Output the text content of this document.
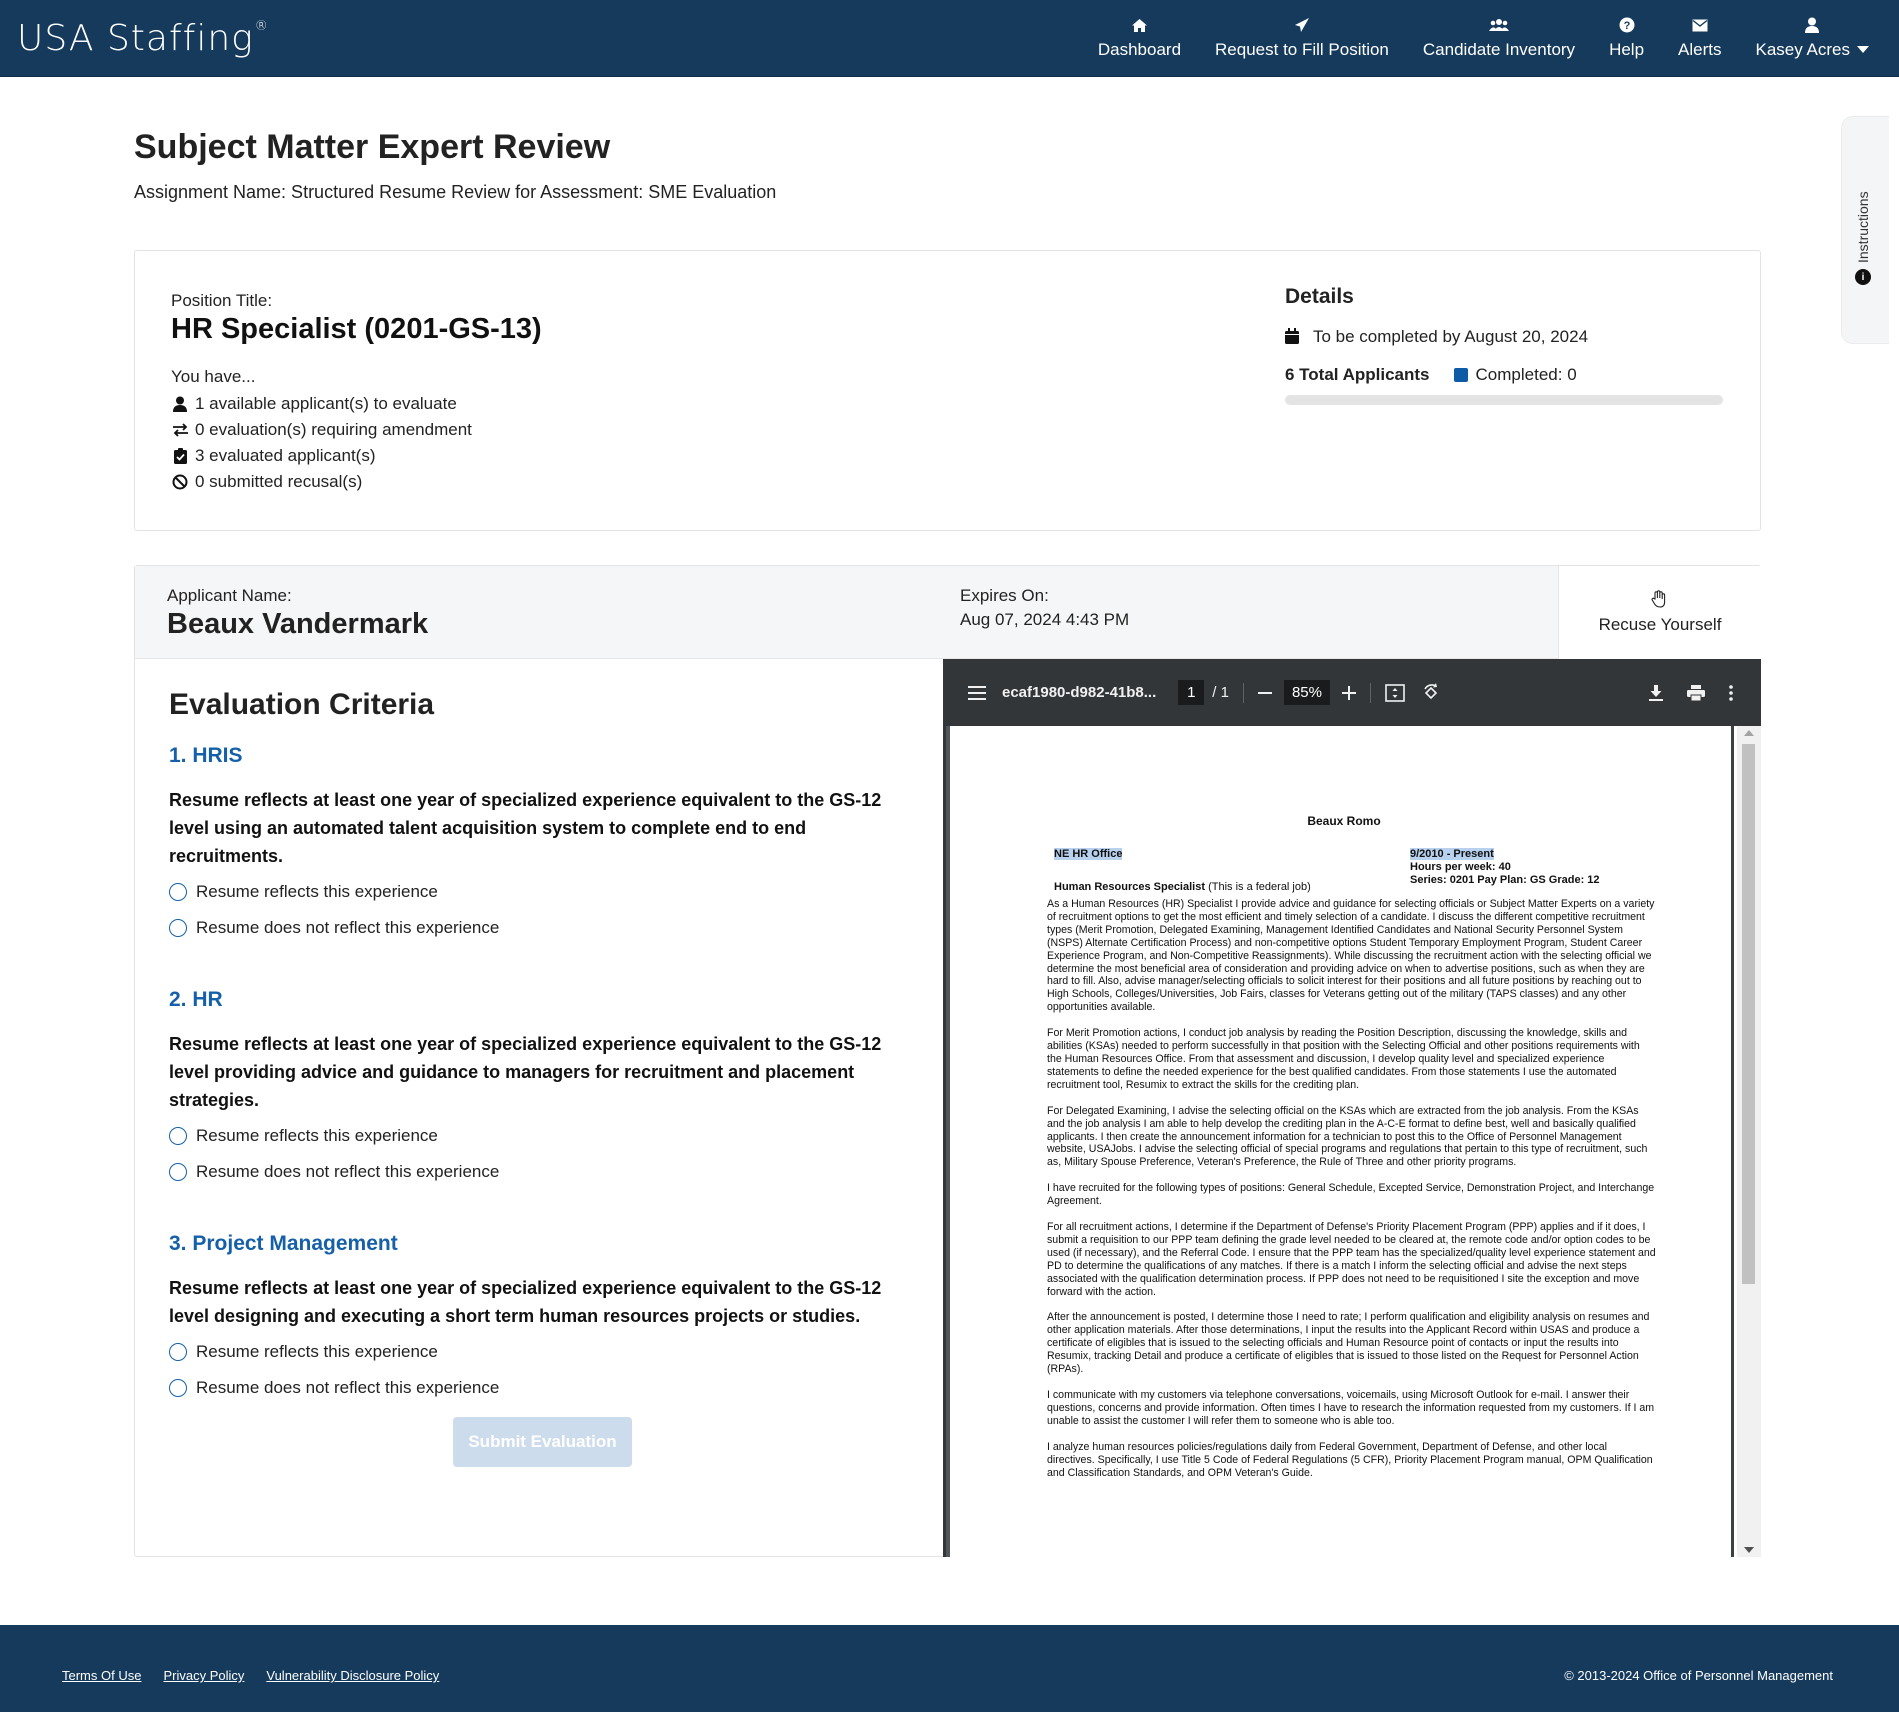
USA Staffing®
Dashboard Request to Fill Position Candidate Inventory
?
Help Alerts Kasey Acres
Subject Matter Expert Review
Assignment Name: Structured Resume Review for Assessment: SME Evaluation
Position Title:
HR Specialist (0201-GS-13)
You have...
1 available applicant(s) to evaluate
0 evaluation(s) requiring amendment
3 evaluated applicant(s)
0 submitted recusal(s)
Details
To be completed by August 20, 2024
6 Total Applicants	Completed: 0
i
Instructions
Applicant Name:
Beaux Vandermark
Expires On:
Aug 07, 2024 4:43 PM	Recuse Yourself
Evaluation Criteria
1. HRIS
Resume reflects at least one year of specialized experience equivalent to the GS-12 level using an automated talent acquisition system to complete end to end recruitments.
Resume reflects this experience
Resume does not reflect this experience
2. HR
Resume reflects at least one year of specialized experience equivalent to the GS-12 level providing advice and guidance to managers for recruitment and placement strategies.
Resume reflects this experience
Resume does not reflect this experience
3. Project Management
Resume reflects at least one year of specialized experience equivalent to the GS-12 level designing and executing a short term human resources projects or studies.
Resume reflects this experience
Resume does not reflect this experience
Submit Evaluation
ecaf1980-d982-41b8...	1	/ 1	85%
Beaux Romo
NE HR Office	9/2010 - Present
Hours per week: 40
Series: 0201 Pay Plan: GS Grade: 12
Human Resources Specialist (This is a federal job)

As a Human Resources (HR) Specialist I provide advice and guidance for selecting officials or Subject Matter Experts on a variety of recruitment options to get the most efficient and timely selection of a candidate. I discuss the different competitive recruitment types (Merit Promotion, Delegated Examining, Management Identified Candidates and National Security Personnel System (NSPS) Alternate Certification Process) and non-competitive options Student Temporary Employment Program, Student Career Experience Program, and Non-Competitive Reassignments). While discussing the recruitment action with the selecting official we determine the most beneficial area of consideration and providing advice on when to advertise positions, such as when they are hard to fill. Also, advise manager/selecting officials to solicit interest for their positions and all future positions by reaching out to High Schools, Colleges/Universities, Job Fairs, classes for Veterans getting out of the military (TAPS classes) and any other opportunities available.

For Merit Promotion actions, I conduct job analysis by reading the Position Description, discussing the knowledge, skills and abilities (KSAs) needed to perform successfully in that position with the Selecting Official and other positions requirements with the Human Resources Office. From that assessment and discussion, I develop quality level and specialized experience statements to define the needed experience for the best qualified candidates. From those statements I use the automated recruitment tool, Resumix to extract the skills for the crediting plan.

For Delegated Examining, I advise the selecting official on the KSAs which are extracted from the job analysis. From the KSAs and the job analysis I am able to help develop the crediting plan in the A-C-E format to define best, well and basically qualified applicants. I then create the announcement information for a technician to post this to the Office of Personnel Management website, USAJobs. I advise the selecting official of special programs and regulations that pertain to this type of recruitment, such as, Military Spouse Preference, Veteran's Preference, the Rule of Three and other priority programs.

I have recruited for the following types of positions: General Schedule, Excepted Service, Demonstration Project, and Interchange Agreement.

For all recruitment actions, I determine if the Department of Defense's Priority Placement Program (PPP) applies and if it does, I submit a requisition to our PPP team defining the grade level needed to be cleared at, the remote code and/or option codes to be used (if necessary), and the Referral Code. I ensure that the PPP team has the specialized/quality level experience statement and PD to determine the qualifications of any matches. If there is a match I inform the selecting official and advise the next steps associated with the qualification determination process. If PPP does not need to be requisitioned I site the exception and move forward with the action.

After the announcement is posted, I determine those I need to rate; I perform qualification and eligibility analysis on resumes and other application materials. After those determinations, I input the results into the Applicant Record within USAS and produce a certificate of eligibles that is issued to the selecting officials and Human Resource point of contacts or input the results into Resumix, tracking Detail and produce a certificate of eligibles that is issued to those listed on the Request for Personnel Action (RPAs).

I communicate with my customers via telephone conversations, voicemails, using Microsoft Outlook for e-mail. I answer their questions, concerns and provide information. Often times I have to research the information requested from my customers. If I am unable to assist the customer I will refer them to someone who is able too.

I analyze human resources policies/regulations daily from Federal Government, Department of Defense, and other local directives. Specifically, I use Title 5 Code of Federal Regulations (5 CFR), Priority Placement Program manual, OPM Qualification and Classification Standards, and OPM Veteran's Guide.

Terms Of Use Privacy Policy Vulnerability Disclosure Policy	© 2013-2024 Office of Personnel Management
